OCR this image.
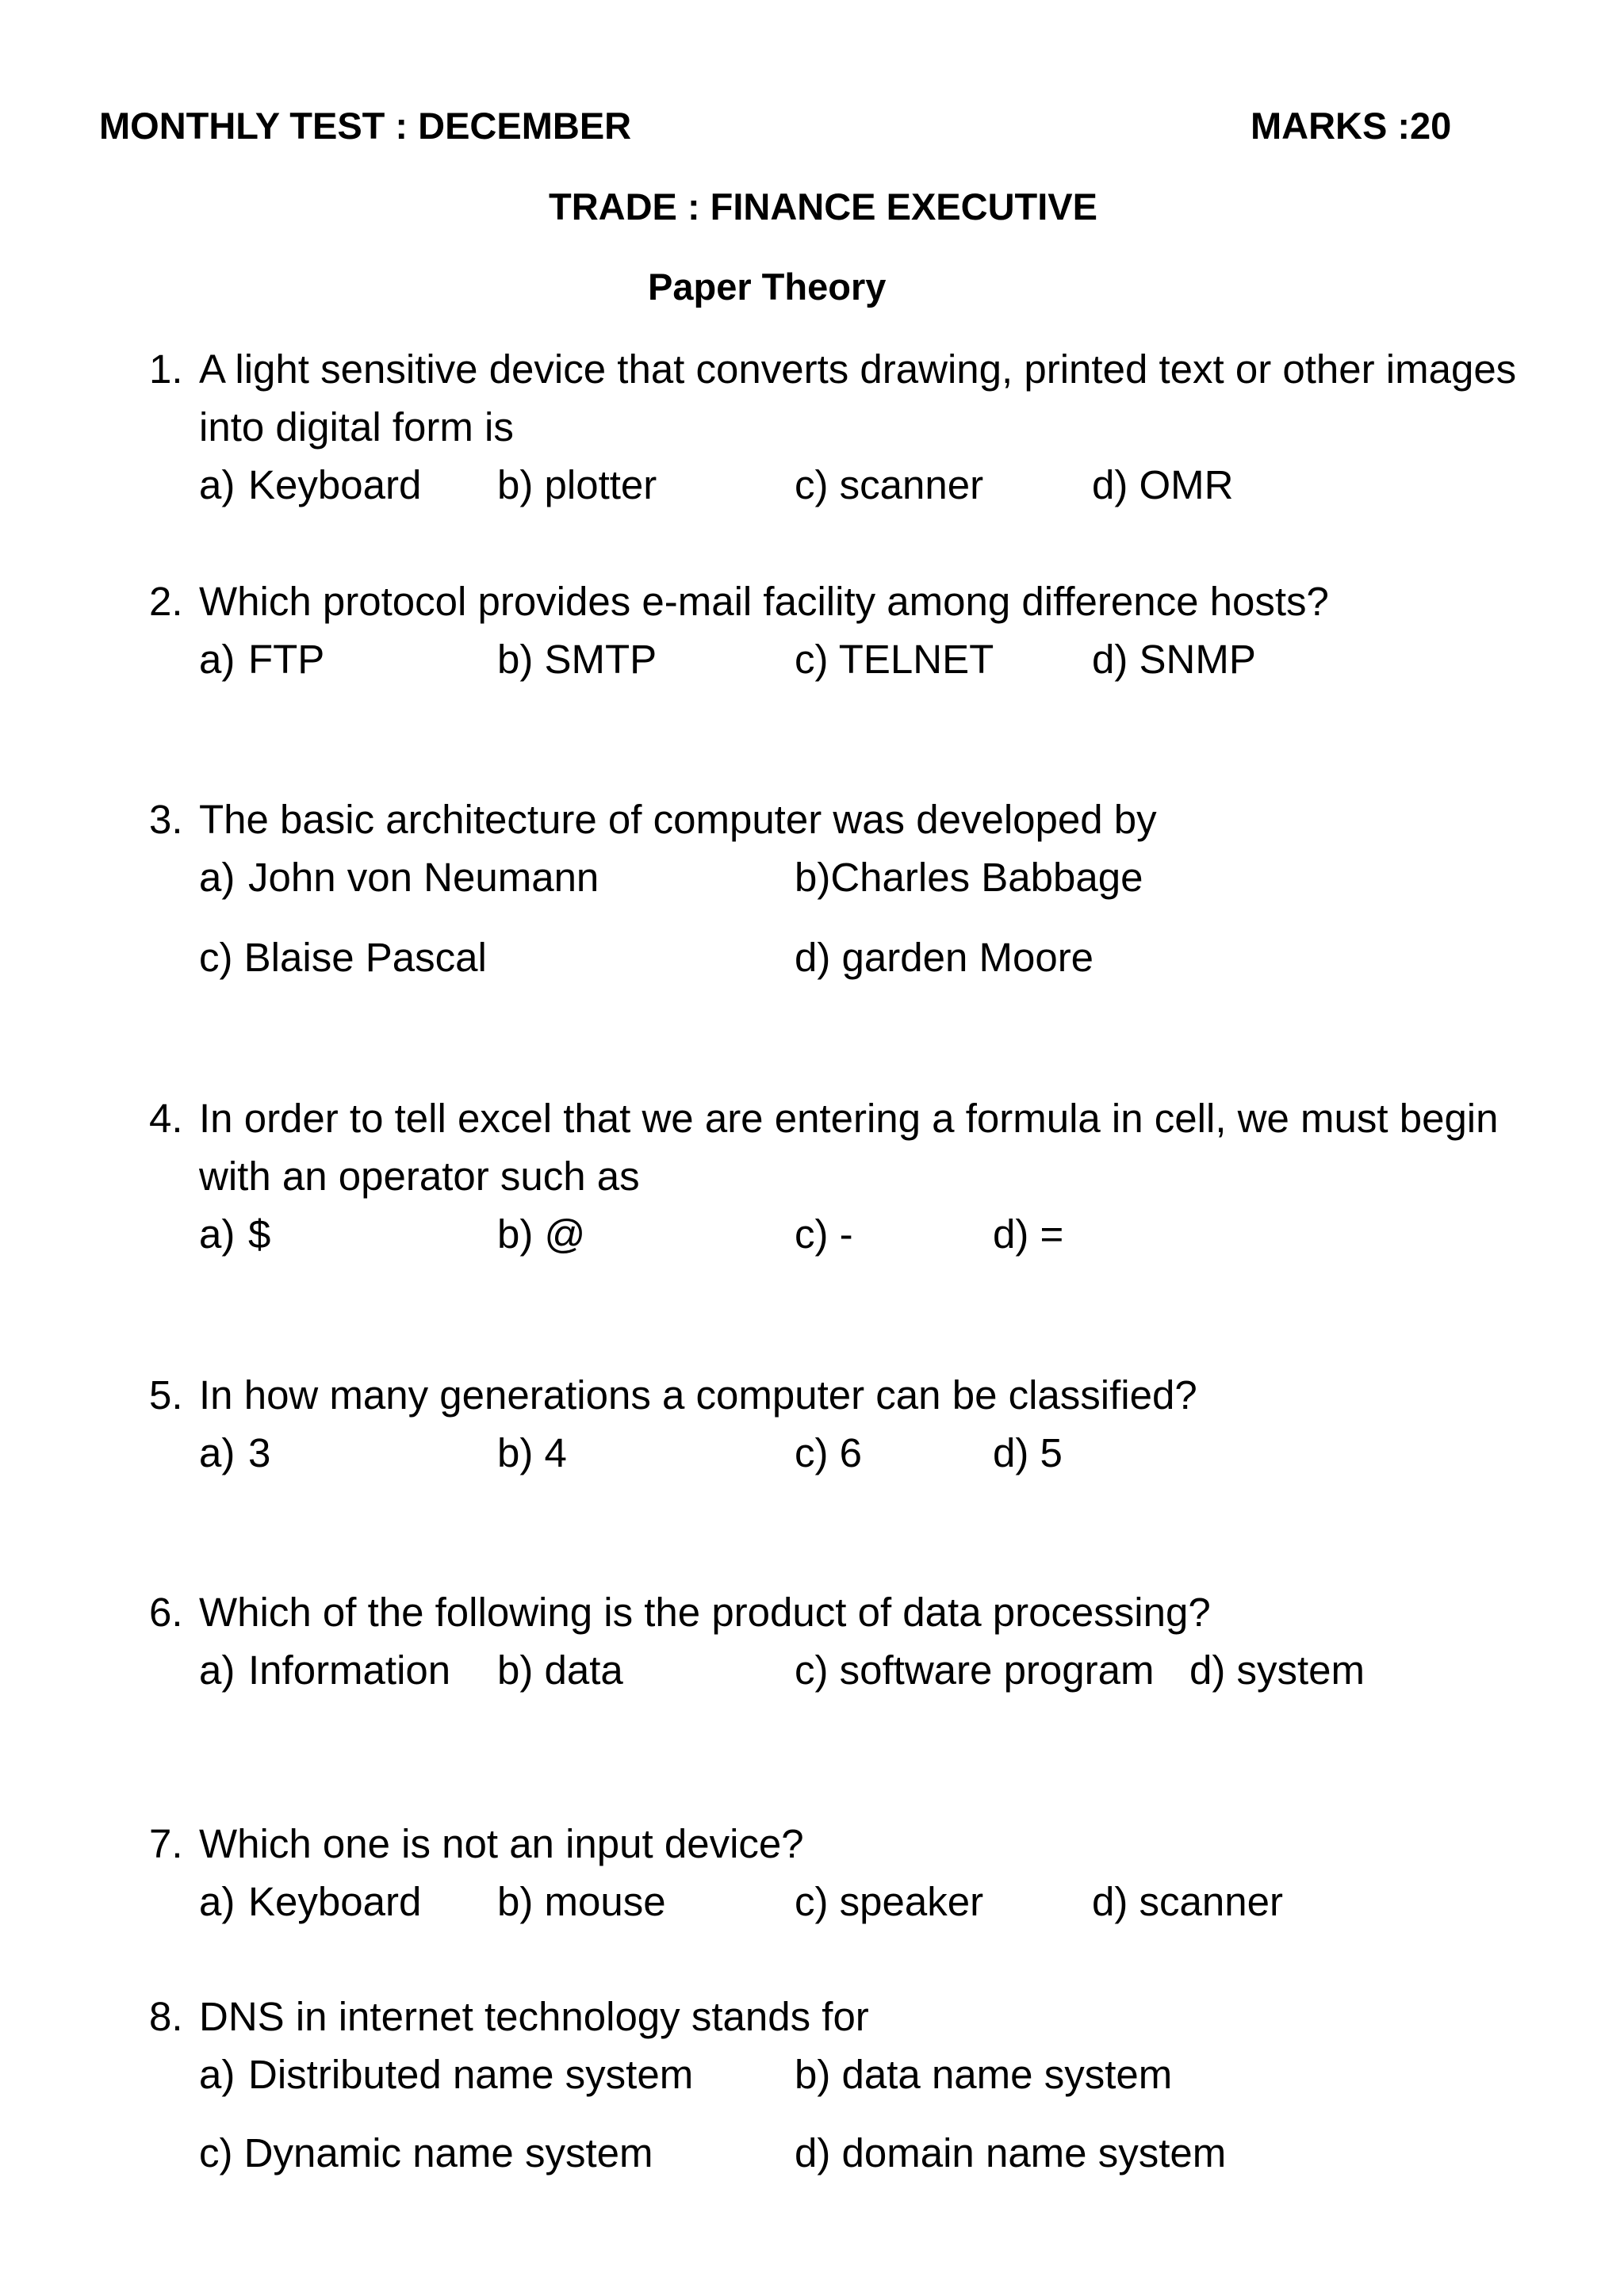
MONTHLY TEST : DECEMBER	MARKS :20
TRADE : FINANCE EXECUTIVE
Paper Theory
1. A light sensitive device that converts drawing, printed text or other images
into digital form is
a) Keyboard b) plotter	c) scanner	d) OMR
2. Which protocol provides e-mail facility among difference hosts?
a) FTP	b) SMTP	c) TELNET d) SNMP
3. The basic architecture of computer was developed by
a) John von Neumann	b)Charles Babbage
c) Blaise Pascal	d) garden Moore
4. In order to tell excel that we are entering a formula in cell, we must begin
with an operator such as
a) $	b) @	c) -	d) =
5. In how many generations a computer can be classified?
a) 3	b) 4	c) 6	d) 5
6. Which of the following is the product of data processing?
a) Information b) data	c) software program d) system
7. Which one is not an input device?
a) Keyboard b) mouse	c) speaker	d) scanner
8. DNS in internet technology stands for
a) Distributed name system	b) data name system
c) Dynamic name system	d) domain name system
